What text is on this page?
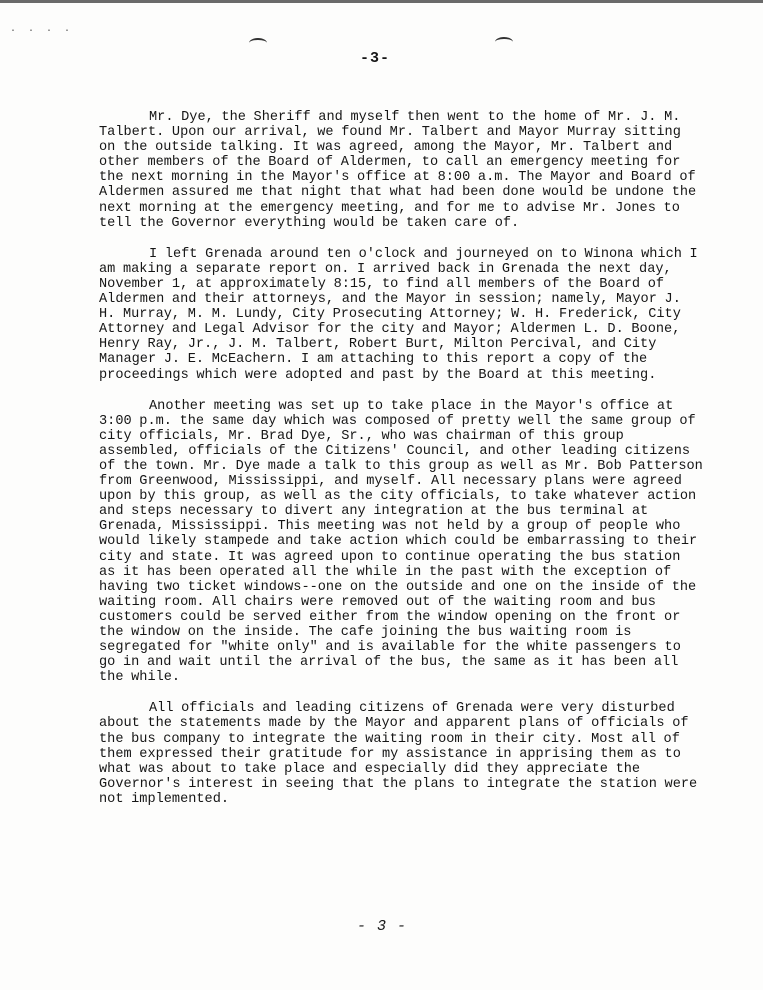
· · · ·
-3-

Mr. Dye, the Sheriff and myself then went to the home of Mr. J. M. Talbert. Upon our arrival, we found Mr. Talbert and Mayor Murray sitting on the outside talking. It was agreed, among the Mayor, Mr. Talbert and other members of the Board of Aldermen, to call an emergency meeting for the next morning in the Mayor's office at 8:00 a.m. The Mayor and Board of Aldermen assured me that night that what had been done would be undone the next morning at the emergency meeting, and for me to advise Mr. Jones to tell the Governor everything would be taken care of.

I left Grenada around ten o'clock and journeyed on to Winona which I am making a separate report on. I arrived back in Grenada the next day, November 1, at approximately 8:15, to find all members of the Board of Aldermen and their attorneys, and the Mayor in session; namely, Mayor J. H. Murray, M. M. Lundy, City Prosecuting Attorney; W. H. Frederick, City Attorney and Legal Advisor for the city and Mayor; Aldermen L. D. Boone, Henry Ray, Jr., J. M. Talbert, Robert Burt, Milton Percival, and City Manager J. E. McEachern. I am attaching to this report a copy of the proceedings which were adopted and past by the Board at this meeting.

Another meeting was set up to take place in the Mayor's office at 3:00 p.m. the same day which was composed of pretty well the same group of city officials, Mr. Brad Dye, Sr., who was chairman of this group assembled, officials of the Citizens' Council, and other leading citizens of the town. Mr. Dye made a talk to this group as well as Mr. Bob Patterson from Greenwood, Mississippi, and myself. All necessary plans were agreed upon by this group, as well as the city officials, to take whatever action and steps necessary to divert any integration at the bus terminal at Grenada, Mississippi. This meeting was not held by a group of people who would likely stampede and take action which could be embarrassing to their city and state. It was agreed upon to continue operating the bus station as it has been operated all the while in the past with the exception of having two ticket windows--one on the outside and one on the inside of the waiting room. All chairs were removed out of the waiting room and bus customers could be served either from the window opening on the front or the window on the inside. The cafe joining the bus waiting room is segregated for "white only" and is available for the white passengers to go in and wait until the arrival of the bus, the same as it has been all the while.

All officials and leading citizens of Grenada were very disturbed about the statements made by the Mayor and apparent plans of officials of the bus company to integrate the waiting room in their city. Most all of them expressed their gratitude for my assistance in apprising them as to what was about to take place and especially did they appreciate the Governor's interest in seeing that the plans to integrate the station were not implemented.

- 3 -
